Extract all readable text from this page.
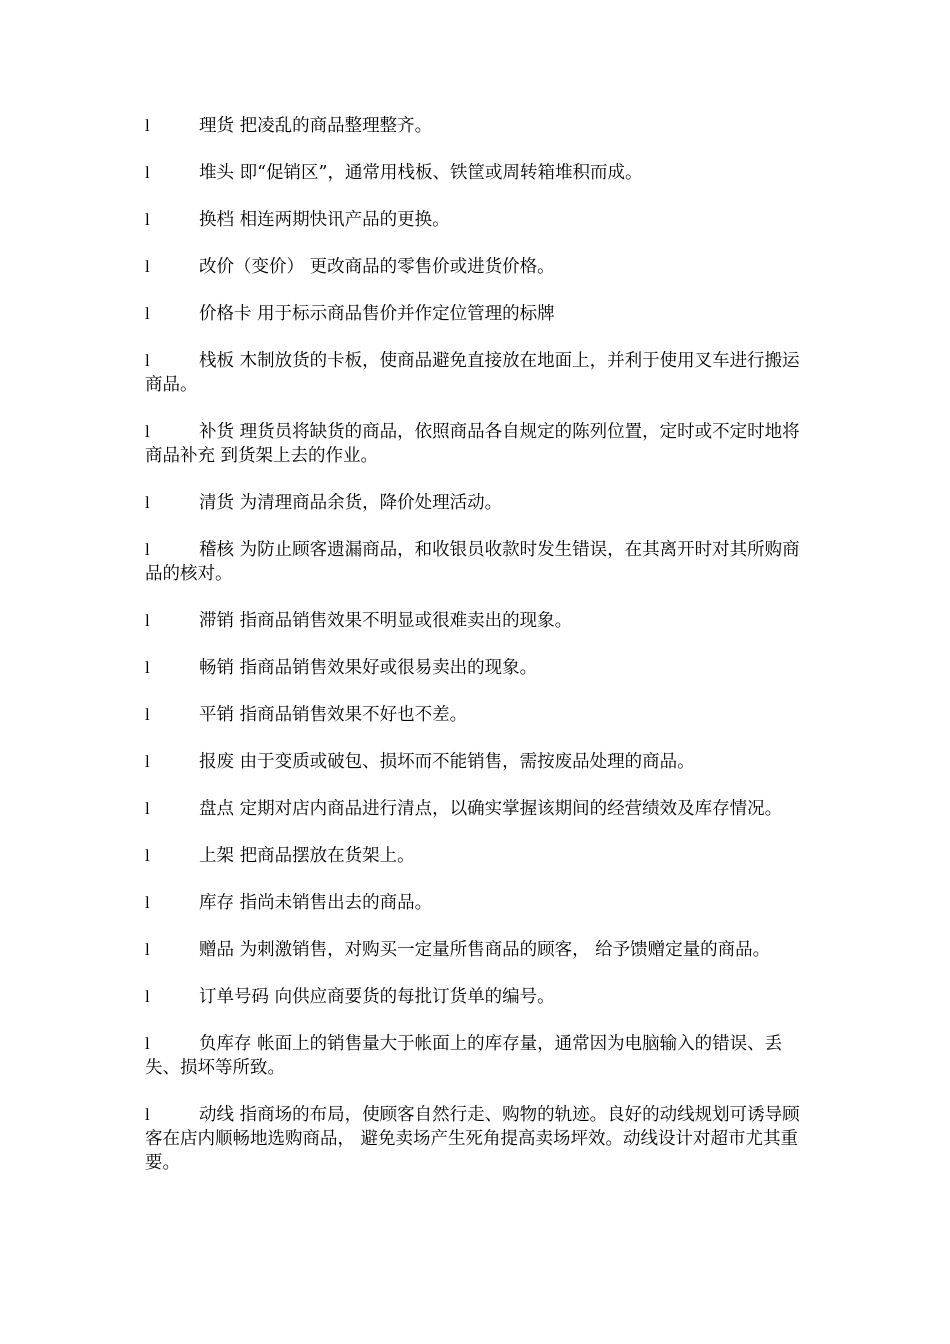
l	理货 把凌乱的商品整理整齐。

l	堆头 即“促销区”，通常用栈板、铁筐或周转箱堆积而成。

l	换档 相连两期快讯产品的更换。

l	改价（变价） 更改商品的零售价或进货价格。

l	价格卡 用于标示商品售价并作定位管理的标牌

l	栈板 木制放货的卡板，使商品避免直接放在地面上，并利于使用叉车进行搬运商品。

l	补货 理货员将缺货的商品，依照商品各自规定的陈列位置，定时或不定时地将商品补充 到货架上去的作业。

l	清货 为清理商品余货，降价处理活动。

l	稽核 为防止顾客遗漏商品，和收银员收款时发生错误，在其离开时对其所购商品的核对。

l	滞销 指商品销售效果不明显或很难卖出的现象。

l	畅销 指商品销售效果好或很易卖出的现象。

l	平销 指商品销售效果不好也不差。

l	报废 由于变质或破包、损坏而不能销售，需按废品处理的商品。

l	盘点 定期对店内商品进行清点，以确实掌握该期间的经营绩效及库存情况。

l	上架 把商品摆放在货架上。

l	库存 指尚未销售出去的商品。

l	赠品 为刺激销售，对购买一定量所售商品的顾客， 给予馈赠定量的商品。

l	订单号码 向供应商要货的每批订货单的编号。

l	负库存 帐面上的销售量大于帐面上的库存量，通常因为电脑输入的错误、丢失、损坏等所致。

l	动线 指商场的布局，使顾客自然行走、购物的轨迹。良好的动线规划可诱导顾客在店内顺畅地选购商品， 避免卖场产生死角提高卖场坪效。动线设计对超市尤其重要。
